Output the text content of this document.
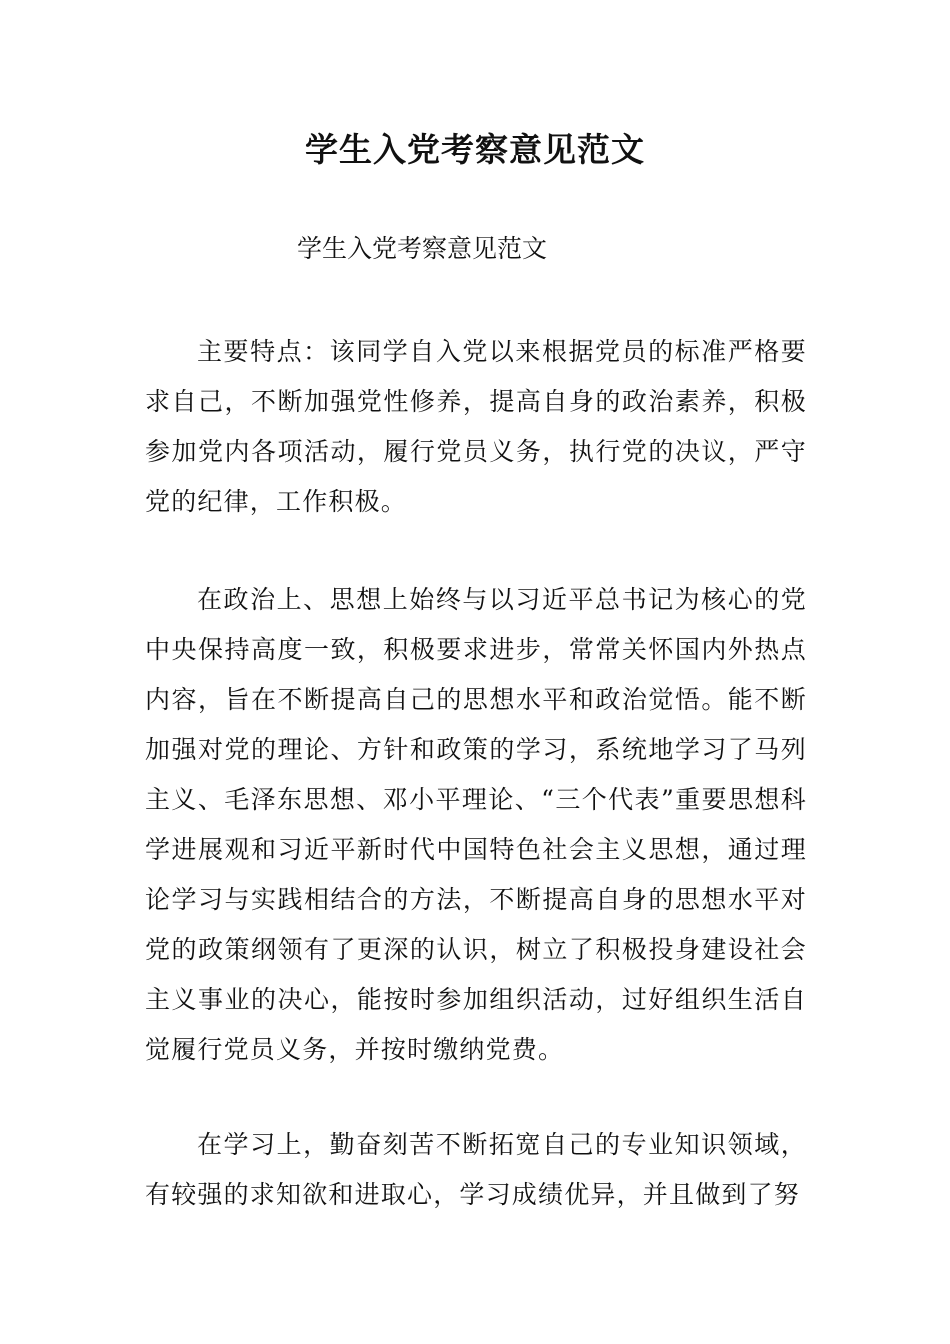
学生入党考察意见范文
学生入党考察意见范文

主要特点：该同学自入党以来根据党员的标准严格要求自己，不断加强党性修养，提高自身的政治素养，积极参加党内各项活动，履行党员义务，执行党的决议，严守党的纪律，工作积极。

在政治上、思想上始终与以习近平总书记为核心的党中央保持高度一致，积极要求进步，常常关怀国内外热点内容，旨在不断提高自己的思想水平和政治觉悟。能不断加强对党的理论、方针和政策的学习，系统地学习了马列主义、毛泽东思想、邓小平理论、“三个代表”重要思想科学进展观和习近平新时代中国特色社会主义思想，通过理论学习与实践相结合的方法，不断提高自身的思想水平对党的政策纲领有了更深的认识，树立了积极投身建设社会主义事业的决心，能按时参加组织活动，过好组织生活自觉履行党员义务，并按时缴纳党费。

在学习上，勤奋刻苦不断拓宽自己的专业知识领域，有较强的求知欲和进取心，学习成绩优异，并且做到了努
